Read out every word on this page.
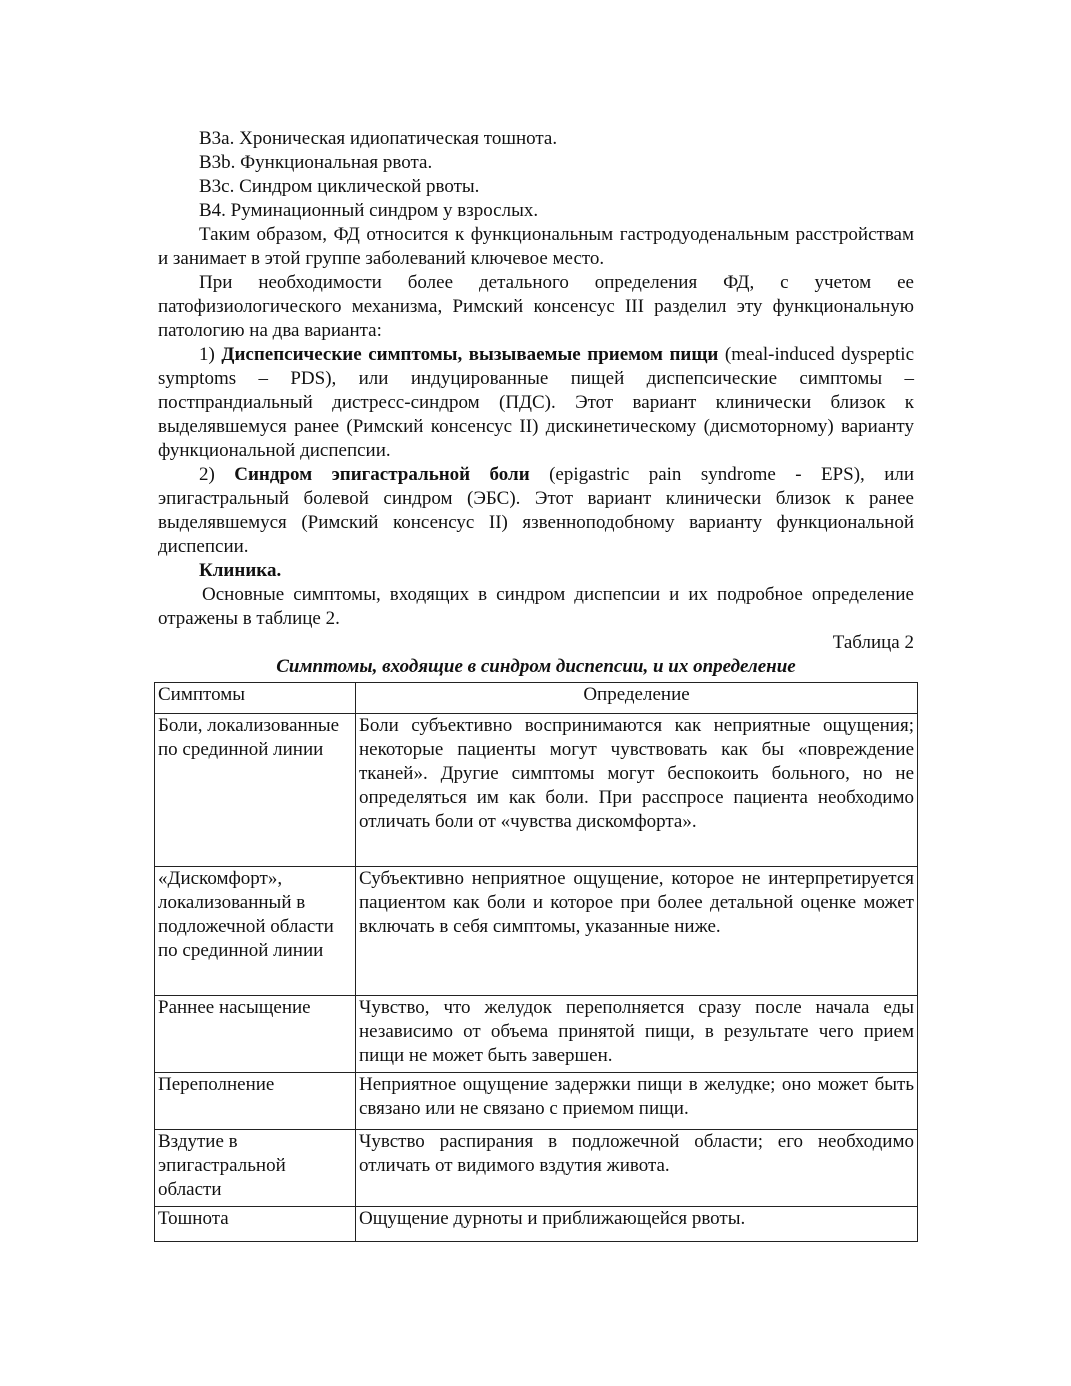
B3a. Хроническая идиопатическая тошнота.

B3b. Функциональная рвота.

B3c. Синдром циклической рвоты.

B4. Руминационный синдром у взрослых.

Таким образом, ФД относится к функциональным гастродуоденальным расстройствам и занимает в этой группе заболеваний ключевое место.

При необходимости более детального определения ФД, с учетом ее патофизиологического механизма, Римский консенсус III разделил эту функциональную патологию на два варианта:

1) Диспепсические симптомы, вызываемые приемом пищи (meal-induced dyspeptic symptoms – PDS), или индуцированные пищей диспепсические симптомы – постпрандиальный дистресс-синдром (ПДС). Этот вариант клинически близок к выделявшемуся ранее (Римский консенсус II) дискинетическому (дисмоторному) варианту функциональной диспепсии.

2) Синдром эпигастральной боли (epigastric pain syndrome - EPS), или эпигастральный болевой синдром (ЭБС). Этот вариант клинически близок к ранее выделявшемуся (Римский консенсус II) язвенноподобному варианту функциональной диспепсии.

Клиника.

Основные симптомы, входящих в синдром диспепсии и их подробное определение отражены в таблице 2.

Таблица 2

Симптомы, входящие в синдром диспепсии, и их определение

Симптомы	Определение
Боли, локализованные по срединной линии	Боли субъективно воспринимаются как неприятные ощущения; некоторые пациенты могут чувствовать как бы «повреждение тканей». Другие симптомы могут беспокоить больного, но не определяться им как боли. При расспросе пациента необходимо отличать боли от «чувства дискомфорта».
«Дискомфорт», локализованный в подложечной области по срединной линии	Субъективно неприятное ощущение, которое не интерпретируется пациентом как боли и которое при более детальной оценке может включать в себя симптомы, указанные ниже.
Раннее насыщение	Чувство, что желудок переполняется сразу после начала еды независимо от объема принятой пищи, в результате чего прием пищи не может быть завершен.
Переполнение	Неприятное ощущение задержки пищи в желудке; оно может быть связано или не связано с приемом пищи.
Вздутие в эпигастральной области	Чувство распирания в подложечной области; его необходимо отличать от видимого вздутия живота.
Тошнота	Ощущение дурноты и приближающейся рвоты.
